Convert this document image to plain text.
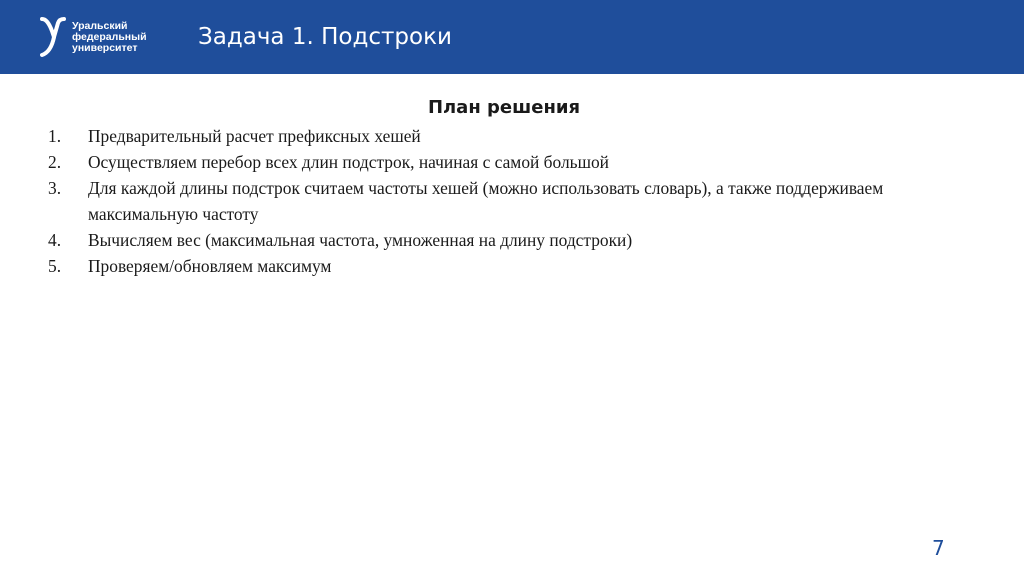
Уральский
федеральный
университет	Задача 1. Подстроки
План решения
1.	Предварительный расчет префиксных хешей
2.	Осуществляем перебор всех длин подстрок, начиная с самой большой
3.	Для каждой длины подстрок считаем частоты хешей (можно использовать словарь), а также поддерживаем максимальную частоту
4.	Вычисляем вес (максимальная частота, умноженная на длину подстроки)
5.	Проверяем/обновляем максимум
7
